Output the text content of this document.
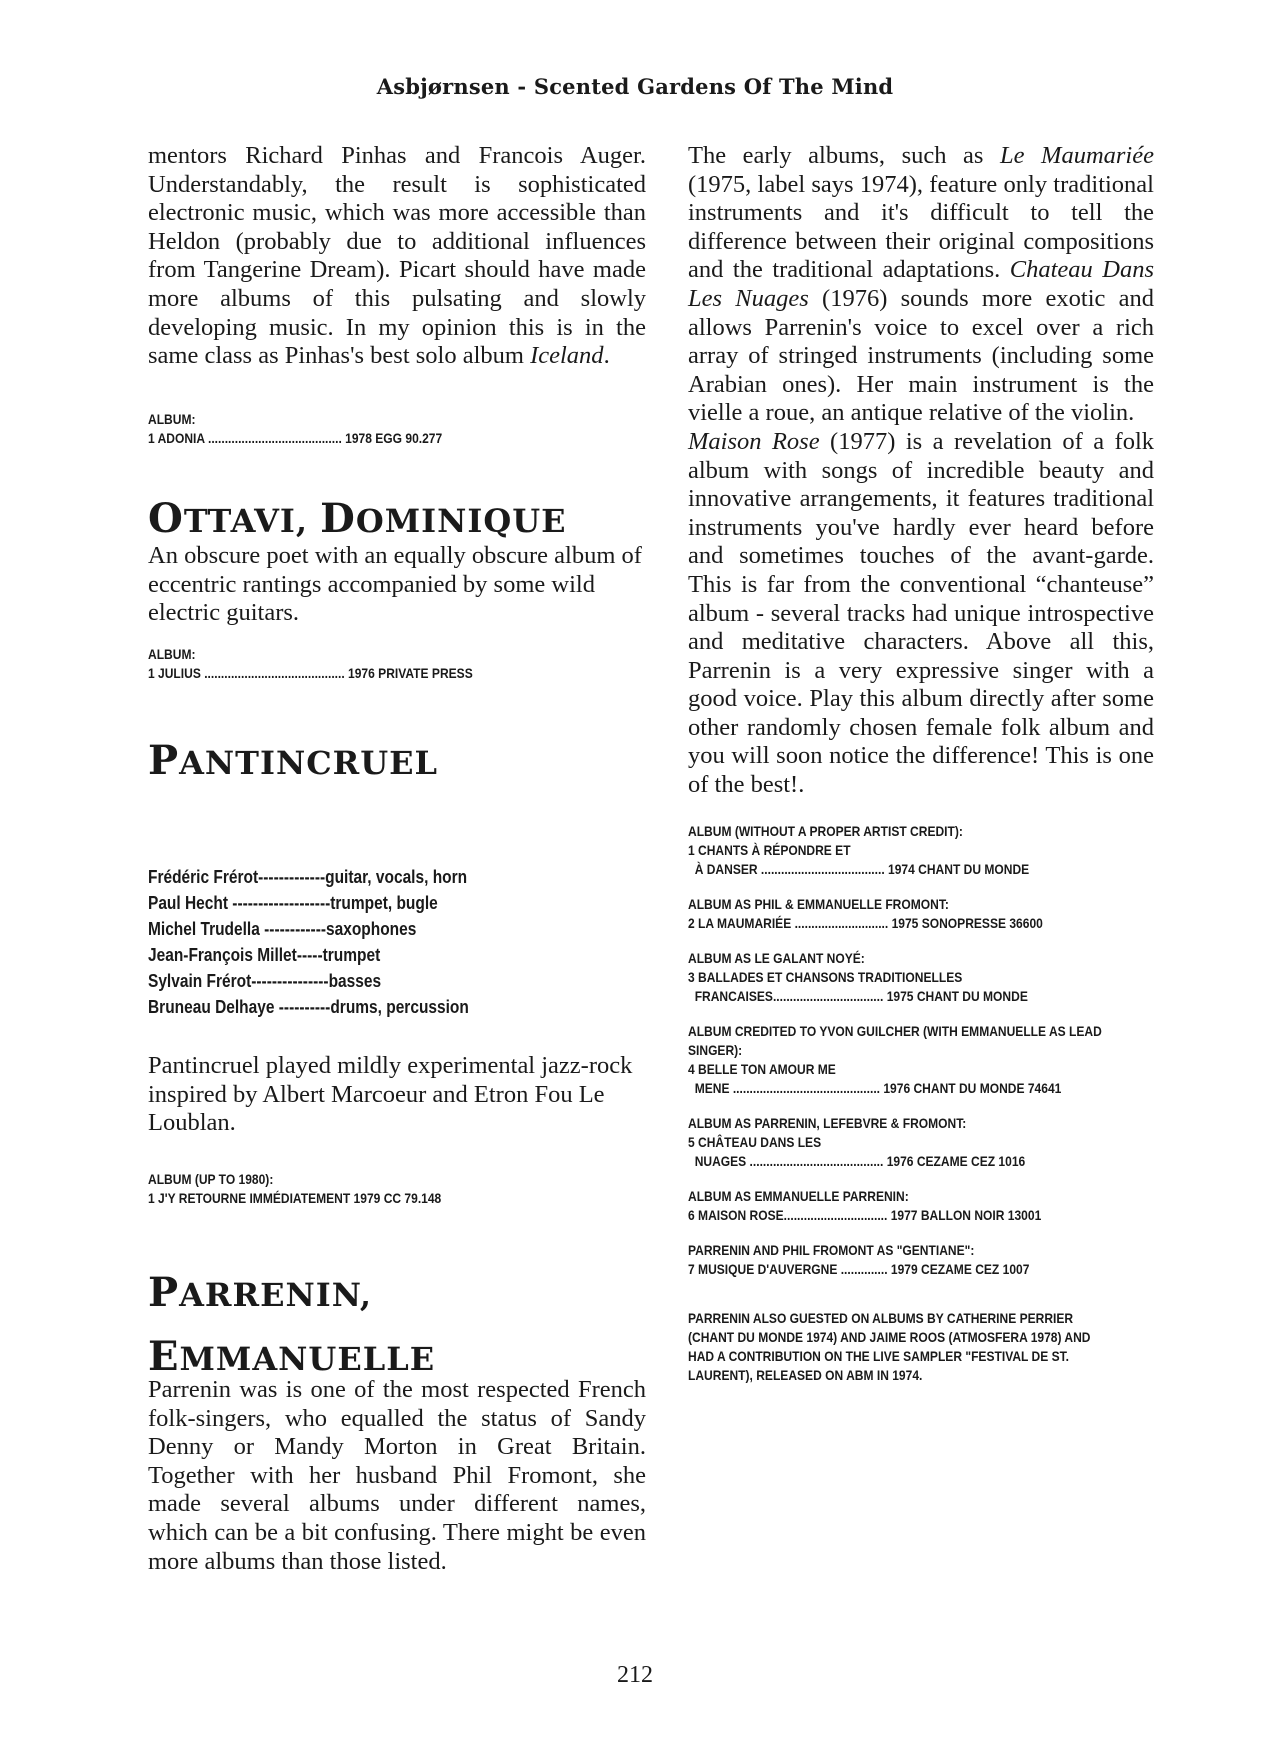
Asbjørnsen - Scented Gardens Of The Mind

mentors Richard Pinhas and Francois Auger. Understandably, the result is sophisticated electronic music, which was more accessible than Heldon (probably due to additional influences from Tangerine Dream). Picart should have made more albums of this pulsating and slowly developing music. In my opinion this is in the same class as Pinhas's best solo album Iceland.

ALBUM:
1 ADONIA ........................................ 1978 EGG 90.277
OTTAVI, DOMINIQUE

An obscure poet with an equally obscure album of eccentric rantings accompanied by some wild electric guitars.

ALBUM:
1 JULIUS .......................................... 1976 PRIVATE PRESS
PANTINCRUEL
Frédéric Frérot-------------guitar, vocals, horn
Paul Hecht -------------------trumpet, bugle
Michel Trudella ------------saxophones
Jean-François Millet-----trumpet
Sylvain Frérot---------------basses
Bruneau Delhaye ----------drums, percussion

Pantincruel played mildly experimental jazz-rock inspired by Albert Marcoeur and Etron Fou Le Loublan.

ALBUM (UP TO 1980):
1 J'Y RETOURNE IMMÉDIATEMENT 1979 CC 79.148
PARRENIN,
EMMANUELLE

Parrenin was is one of the most respected French folk-singers, who equalled the status of Sandy Denny or Mandy Morton in Great Britain. Together with her husband Phil Fromont, she made several albums under different names, which can be a bit confusing. There might be even more albums than those listed.

The early albums, such as Le Maumariée (1975, label says 1974), feature only traditional instruments and it's difficult to tell the difference between their original compositions and the traditional adaptations. Chateau Dans Les Nuages (1976) sounds more exotic and allows Parrenin's voice to excel over a rich array of stringed instruments (including some Arabian ones). Her main instrument is the vielle a roue, an antique relative of the violin.

Maison Rose (1977) is a revelation of a folk album with songs of incredible beauty and innovative arrangements, it features traditional instruments you've hardly ever heard before and sometimes touches of the avant-garde. This is far from the conventional “chanteuse” album - several tracks had unique introspective and meditative characters. Above all this, Parrenin is a very expressive singer with a good voice. Play this album directly after some other randomly chosen female folk album and you will soon notice the difference! This is one of the best!.

ALBUM (WITHOUT A PROPER ARTIST CREDIT):
1 CHANTS À RÉPONDRE ET
À DANSER ..................................... 1974 CHANT DU MONDE
ALBUM AS PHIL & EMMANUELLE FROMONT:
2 LA MAUMARIÉE ............................ 1975 SONOPRESSE 36600
ALBUM AS LE GALANT NOYÉ:
3 BALLADES ET CHANSONS TRADITIONELLES
FRANCAISES................................. 1975 CHANT DU MONDE
ALBUM CREDITED TO YVON GUILCHER (WITH EMMANUELLE AS LEAD
SINGER):
4 BELLE TON AMOUR ME
MENE ............................................ 1976 CHANT DU MONDE 74641
ALBUM AS PARRENIN, LEFEBVRE & FROMONT:
5 CHÂTEAU DANS LES
NUAGES ........................................ 1976 CEZAME CEZ 1016
ALBUM AS EMMANUELLE PARRENIN:
6 MAISON ROSE............................... 1977 BALLON NOIR 13001
PARRENIN AND PHIL FROMONT AS "GENTIANE":
7 MUSIQUE D'AUVERGNE .............. 1979 CEZAME CEZ 1007
PARRENIN ALSO GUESTED ON ALBUMS BY CATHERINE PERRIER
(CHANT DU MONDE 1974) AND JAIME ROOS (ATMOSFERA 1978) AND
HAD A CONTRIBUTION ON THE LIVE SAMPLER "FESTIVAL DE ST.
LAURENT), RELEASED ON ABM IN 1974.
212
